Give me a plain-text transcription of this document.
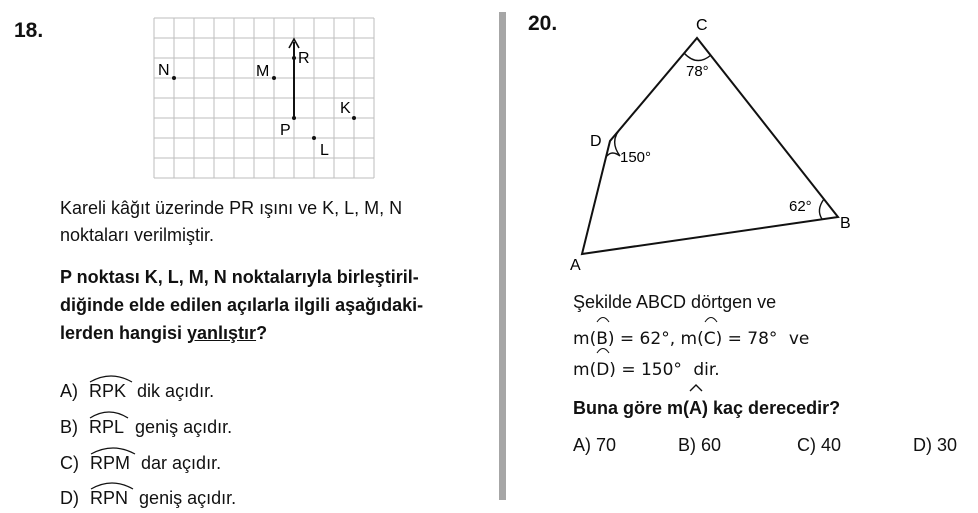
18.
N	M
R
P
K
L
Kareli kâğıt üzerinde PR ışını ve K, L, M, N
noktaları verilmiştir.
P noktası K, L, M, N noktalarıyla birleştiril-
diğinde elde edilen açılarla ilgili aşağıdaki-
lerden hangisi yanlıştır?
A) RPK dik açıdır.
B) RPL geniş açıdır.
C) RPM dar açıdır.
D) RPN geniş açıdır.
20.	C
78°
D
150°
62°
B
A
Şekilde ABCD dörtgen ve
m(
B) = 62°, m(
C) = 78° ve
m(
D) = 150° dir.
Buna göre m(
A) kaç derecedir?
A) 70	B) 60	C) 40	D) 30
